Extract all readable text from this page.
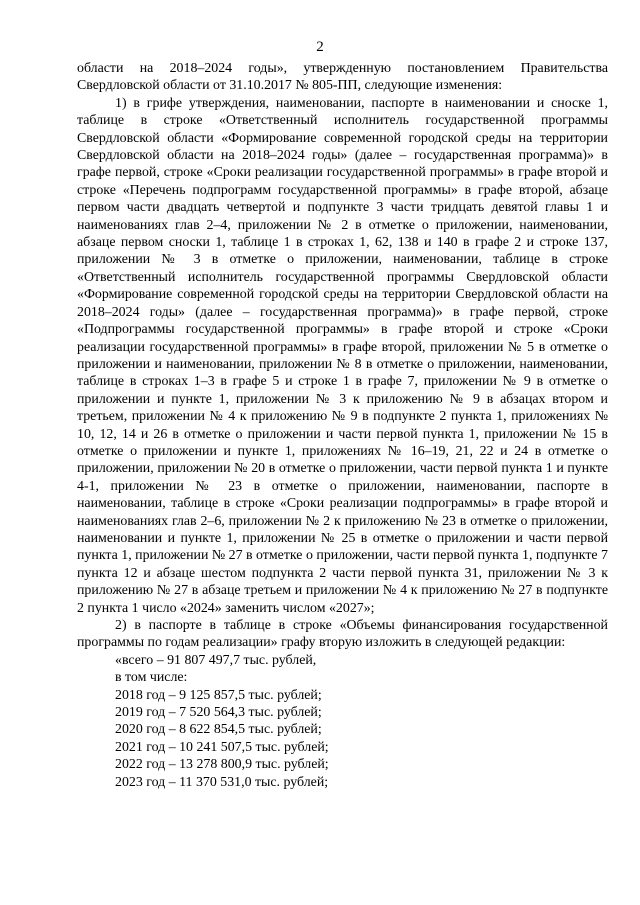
2

области на 2018–2024 годы», утвержденную постановлением Правительства Свердловской области от 31.10.2017 № 805-ПП, следующие изменения:

1) в грифе утверждения, наименовании, паспорте в наименовании и сноске 1, таблице в строке «Ответственный исполнитель государственной программы Свердловской области «Формирование современной городской среды на территории Свердловской области на 2018–2024 годы» (далее – государственная программа)» в графе первой, строке «Сроки реализации государственной программы» в графе второй и строке «Перечень подпрограмм государственной программы» в графе второй, абзаце первом части двадцать четвертой и подпункте 3 части тридцать девятой главы 1 и наименованиях глав 2–4, приложении № 2 в отметке о приложении, наименовании, абзаце первом сноски 1, таблице 1 в строках 1, 62, 138 и 140 в графе 2 и строке 137, приложении № 3 в отметке о приложении, наименовании, таблице в строке «Ответственный исполнитель государственной программы Свердловской области «Формирование современной городской среды на территории Свердловской области на 2018–2024 годы» (далее – государственная программа)» в графе первой, строке «Подпрограммы государственной программы» в графе второй и строке «Сроки реализации государственной программы» в графе второй, приложении № 5 в отметке о приложении и наименовании, приложении № 8 в отметке о приложении, наименовании, таблице в строках 1–3 в графе 5 и строке 1 в графе 7, приложении № 9 в отметке о приложении и пункте 1, приложении № 3 к приложению № 9 в абзацах втором и третьем, приложении № 4 к приложению № 9 в подпункте 2 пункта 1, приложениях № 10, 12, 14 и 26 в отметке о приложении и части первой пункта 1, приложении № 15 в отметке о приложении и пункте 1, приложениях № 16–19, 21, 22 и 24 в отметке о приложении, приложении № 20 в отметке о приложении, части первой пункта 1 и пункте 4-1, приложении № 23 в отметке о приложении, наименовании, паспорте в наименовании, таблице в строке «Сроки реализации подпрограммы» в графе второй и наименованиях глав 2–6, приложении № 2 к приложению № 23 в отметке о приложении, наименовании и пункте 1, приложении № 25 в отметке о приложении и части первой пункта 1, приложении № 27 в отметке о приложении, части первой пункта 1, подпункте 7 пункта 12 и абзаце шестом подпункта 2 части первой пункта 31, приложении № 3 к приложению № 27 в абзаце третьем и приложении № 4 к приложению № 27 в подпункте 2 пункта 1 число «2024» заменить числом «2027»;

2) в паспорте в таблице в строке «Объемы финансирования государственной программы по годам реализации» графу вторую изложить в следующей редакции:

«всего – 91 807 497,7 тыс. рублей,

в том числе:

2018 год – 9 125 857,5 тыс. рублей;

2019 год – 7 520 564,3 тыс. рублей;

2020 год – 8 622 854,5 тыс. рублей;

2021 год – 10 241 507,5 тыс. рублей;

2022 год – 13 278 800,9 тыс. рублей;

2023 год – 11 370 531,0 тыс. рублей;
